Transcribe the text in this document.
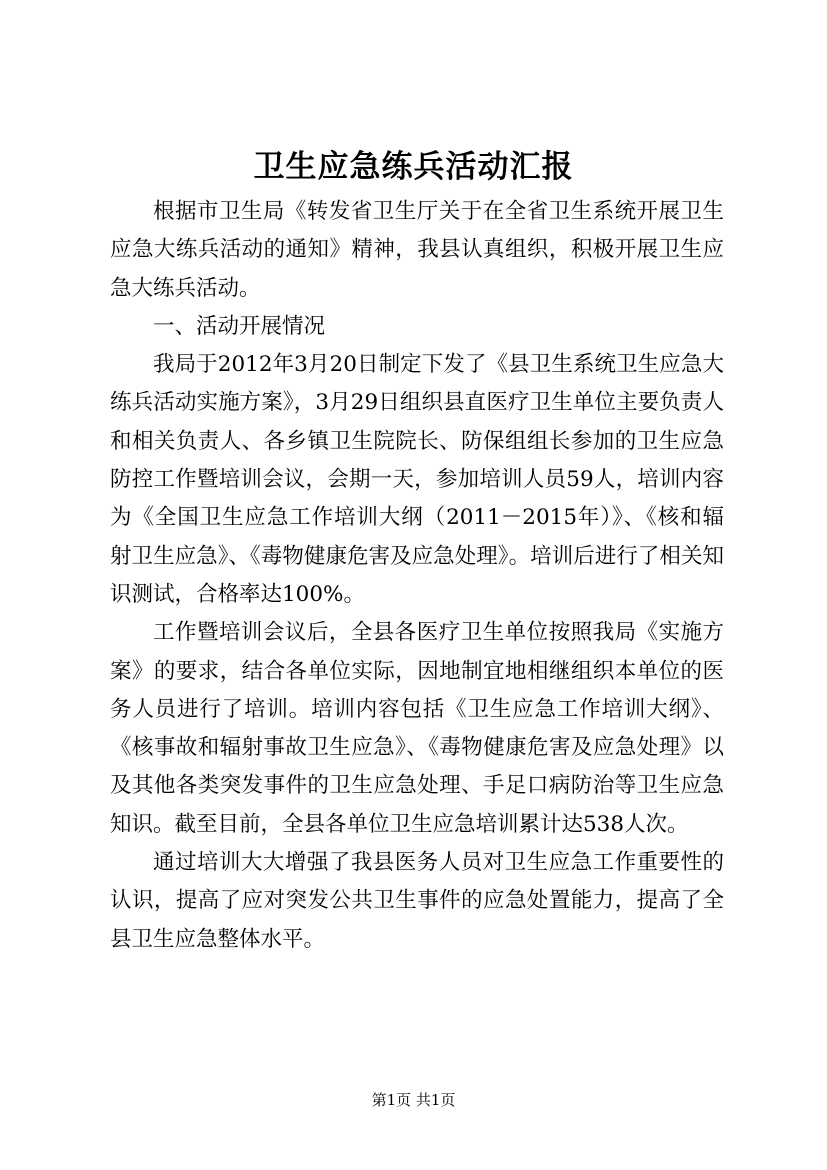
卫生应急练兵活动汇报

根据市卫生局《转发省卫生厅关于在全省卫生系统开展卫生应急大练兵活动的通知》精神，我县认真组织，积极开展卫生应急大练兵活动。

一、活动开展情况

我局于2012年3月20日制定下发了《县卫生系统卫生应急大练兵活动实施方案》，3月29日组织县直医疗卫生单位主要负责人和相关负责人、各乡镇卫生院院长、防保组组长参加的卫生应急防控工作暨培训会议，会期一天，参加培训人员59人，培训内容为《全国卫生应急工作培训大纲（2011－2015年）》、《核和辐射卫生应急》、《毒物健康危害及应急处理》。培训后进行了相关知识测试，合格率达100%。

工作暨培训会议后，全县各医疗卫生单位按照我局《实施方案》的要求，结合各单位实际，因地制宜地相继组织本单位的医务人员进行了培训。培训内容包括《卫生应急工作培训大纲》、《核事故和辐射事故卫生应急》、《毒物健康危害及应急处理》以及其他各类突发事件的卫生应急处理、手足口病防治等卫生应急知识。截至目前，全县各单位卫生应急培训累计达538人次。

通过培训大大增强了我县医务人员对卫生应急工作重要性的认识，提高了应对突发公共卫生事件的应急处置能力，提高了全县卫生应急整体水平。

第1页 共1页
